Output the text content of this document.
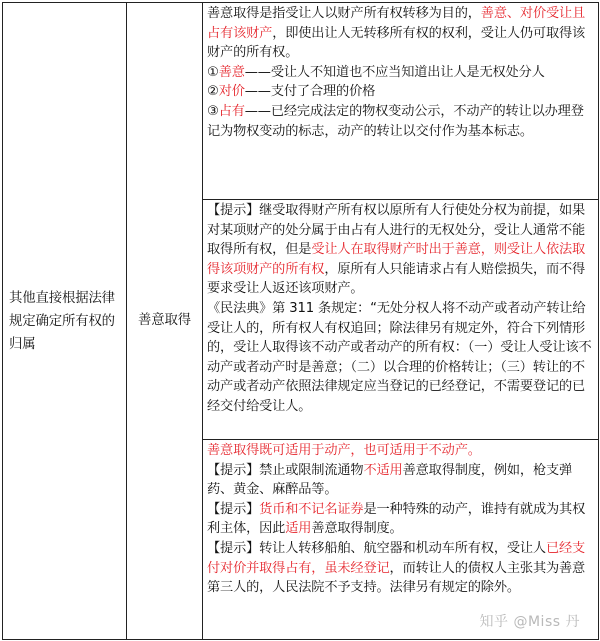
其他直接根据法律规定确定所有权的归属	善意取得	
善意取得是指受让人以财产所有权转移为目的，善意、对价受让且占有该财产，即使出让人无转移所有权的权利，受让人仍可取得该财产的所有权。
①善意——受让人不知道也不应当知道出让人是无权处分人
②对价——支付了合理的价格
③占有——已经完成法定的物权变动公示，不动产的转让以办理登记为物权变动的标志，动产的转让以交付作为基本标志。

【提示】继受取得财产所有权以原所有人行使处分权为前提，如果对某项财产的处分属于由占有人进行的无权处分，受让人通常不能取得所有权，但是受让人在取得财产时出于善意，则受让人依法取得该项财产的所有权，原所有人只能请求占有人赔偿损失，而不得要求受让人返还该项财产。
《民法典》第 311 条规定：“无处分权人将不动产或者动产转让给受让人的，所有权人有权追回；除法律另有规定外，符合下列情形的，受让人取得该不动产或者动产的所有权：（一）受让人受让该不动产或者动产时是善意；（二）以合理的价格转让；（三）转让的不动产或者动产依照法律规定应当登记的已经登记，不需要登记的已经交付给受让人。

善意取得既可适用于动产，也可适用于不动产。
【提示】禁止或限制流通物不适用善意取得制度，例如，枪支弹药、黄金、麻醉品等。
【提示】货币和不记名证券是一种特殊的动产，谁持有就成为其权利主体，因此适用善意取得制度。
【提示】转让人转移船舶、航空器和机动车所有权，受让人已经支付对价并取得占有，虽未经登记，而转让人的债权人主张其为善意第三人的，人民法院不予支持。法律另有规定的除外。
知乎 @Miss 丹
